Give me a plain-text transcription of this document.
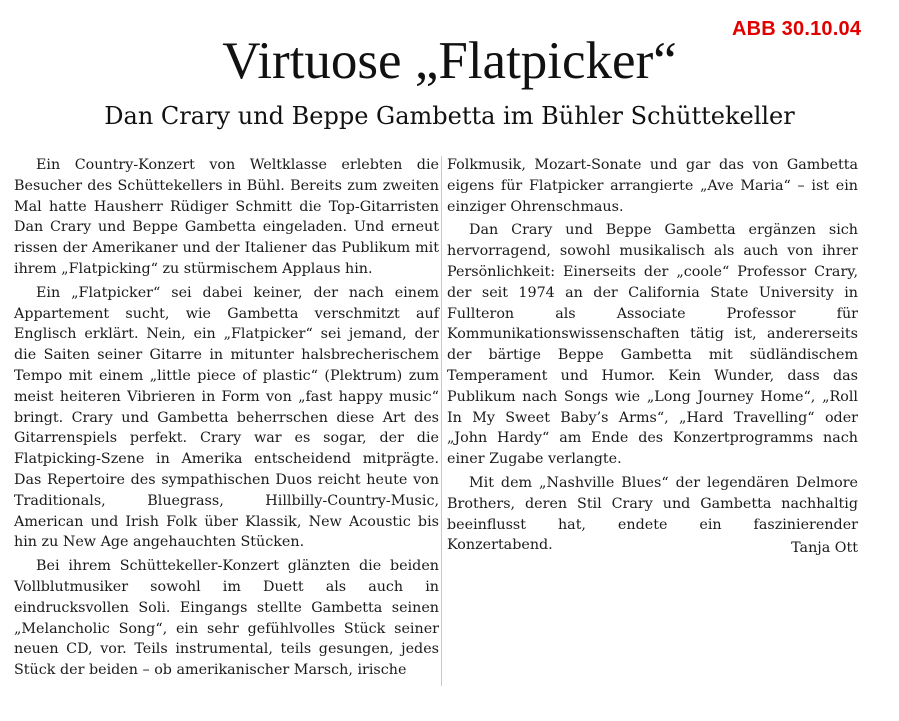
ABB 30.10.04
Virtuose „Flatpicker“
Dan Crary und Beppe Gambetta im Bühler Schüttekeller

Ein Country-Konzert von Weltklasse erlebten die Besucher des Schüttekellers in Bühl. Bereits zum zweiten Mal hatte Hausherr Rüdiger Schmitt die Top-Gitarristen Dan Crary und Beppe Gambetta eingeladen. Und erneut rissen der Amerikaner und der Italiener das Publikum mit ihrem „Flatpicking“ zu stürmischem Applaus hin.

Ein „Flatpicker“ sei dabei keiner, der nach einem Appartement sucht, wie Gambetta verschmitzt auf Englisch erklärt. Nein, ein „Flatpicker“ sei jemand, der die Saiten seiner Gitarre in mitunter halsbrecherischem Tempo mit einem „little piece of plastic“ (Plektrum) zum meist heiteren Vibrieren in Form von „fast happy music“ bringt. Crary und Gambetta beherrschen diese Art des Gitarrenspiels perfekt. Crary war es sogar, der die Flatpicking-Szene in Amerika entscheidend mitprägte. Das Repertoire des sympathischen Duos reicht heute von Traditionals, Bluegrass, Hillbilly-Country-Music, American und Irish Folk über Klassik, New Acoustic bis hin zu New Age angehauchten Stücken.

Bei ihrem Schüttekeller-Konzert glänzten die beiden Vollblutmusiker sowohl im Duett als auch in eindrucksvollen Soli. Eingangs stellte Gambetta seinen „Melancholic Song“, ein sehr gefühlvolles Stück seiner neuen CD, vor. Teils instrumental, teils gesungen, jedes Stück der beiden – ob amerikanischer Marsch, irische

Folkmusik, Mozart-Sonate und gar das von Gambetta eigens für Flatpicker arrangierte „Ave Maria“ – ist ein einziger Ohrenschmaus.

Dan Crary und Beppe Gambetta ergänzen sich hervorragend, sowohl musikalisch als auch von ihrer Persönlichkeit: Einerseits der „coole“ Professor Crary, der seit 1974 an der California State University in Fullteron als Associate Professor für Kommunikationswissenschaften tätig ist, andererseits der bärtige Beppe Gambetta mit südländischem Temperament und Humor. Kein Wunder, dass das Publikum nach Songs wie „Long Journey Home“, „Roll In My Sweet Baby’s Arms“, „Hard Travelling“ oder „John Hardy“ am Ende des Konzertprogramms nach einer Zugabe verlangte.

Mit dem „Nashville Blues“ der legendären Delmore Brothers, deren Stil Crary und Gambetta nachhaltig beeinflusst hat, endete ein faszinierender Konzertabend.	Tanja Ott
